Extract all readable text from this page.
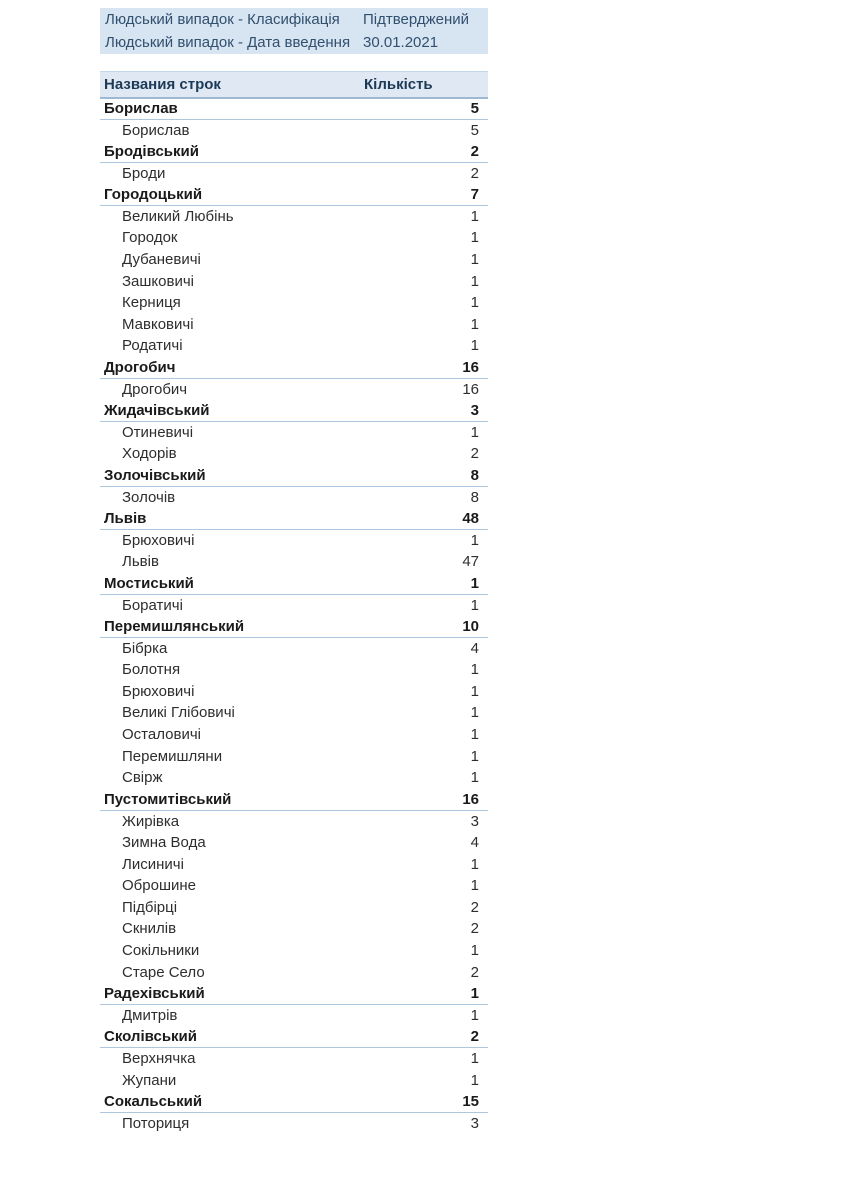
Людський випадок - Класифікація	Підтверджений
Людський випадок - Дата введення 30.01.2021
Названия строк	Кількість
Борислав	5
Борислав	5
Бродівський	2
Броди	2
Городоцький	7
Великий Любінь	1
Городок	1
Дубаневичі	1
Зашковичі	1
Керниця	1
Мавковичі	1
Родатичі	1
Дрогобич	16
Дрогобич	16
Жидачівський	3
Отиневичі	1
Ходорів	2
Золочівський	8
Золочів	8
Львів	48
Брюховичі	1
Львів	47
Мостиський	1
Боратичі	1
Перемишлянський	10
Бібрка	4
Болотня	1
Брюховичі	1
Великі Глібовичі	1
Осталовичі	1
Перемишляни	1
Свірж	1
Пустомитівський	16
Жирівка	3
Зимна Вода	4
Лисиничі	1
Оброшине	1
Підбірці	2
Скнилів	2
Сокільники	1
Старе Село	2
Радехівський	1
Дмитрів	1
Сколівський	2
Верхнячка	1
Жупани	1
Сокальський	15
Поториця	3
